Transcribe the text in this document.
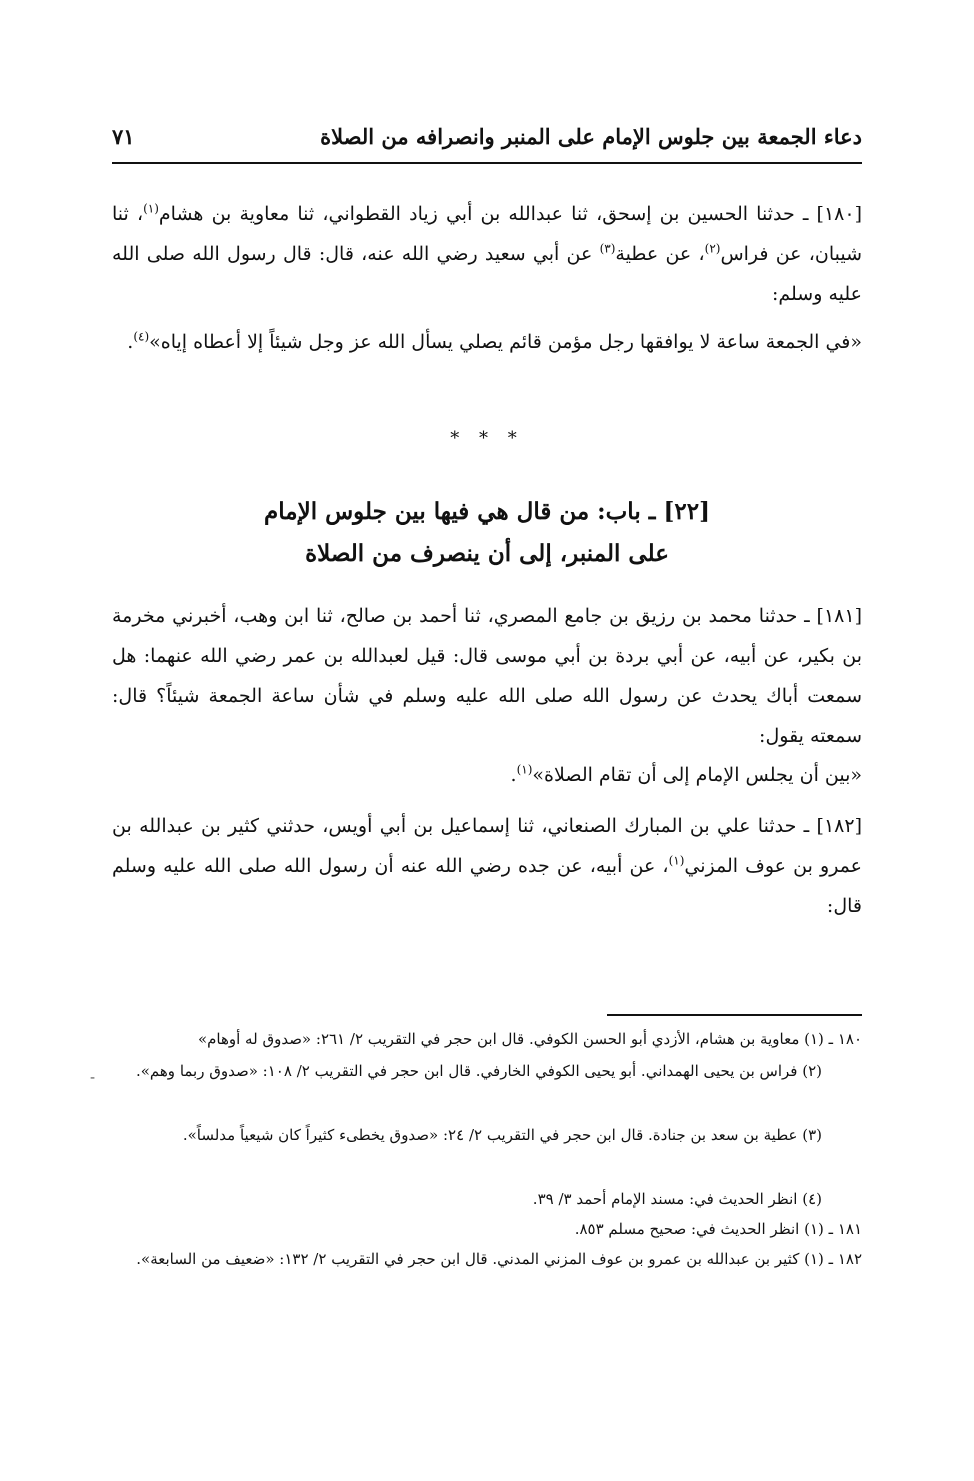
دعاء الجمعة بين جلوس الإمام على المنبر وانصرافه من الصلاة
٧١
[١٨٠] ـ حدثنا الحسين بن إسحق، ثنا عبدالله بن أبي زياد القطواني، ثنا معاوية بن هشام$^{(١)}$، ثنا شيبان، عن فراس$^{(٢)}$، عن عطية$^{(٣)}$ عن أبي سعيد رضي الله عنه، قال: قال رسول الله صلى الله عليه وسلم:
«في الجمعة ساعة لا يوافقها رجل مؤمن قائم يصلي يسأل الله عز وجل شيئاً إلا أعطاه إياه»$^{(٤)}$.
* * *
[٢٢] ـ باب: من قال هي فيها بين جلوس الإمام
على المنبر، إلى أن ينصرف من الصلاة
[١٨١] ـ حدثنا محمد بن رزيق بن جامع المصري، ثنا أحمد بن صالح، ثنا ابن وهب، أخبرني مخرمة بن بكير، عن أبيه، عن أبي بردة بن أبي موسى قال: قيل لعبدالله بن عمر رضي الله عنهما: هل سمعت أباك يحدث عن رسول الله صلى الله عليه وسلم في شأن ساعة الجمعة شيئاً؟ قال: سمعته يقول:
«بين أن يجلس الإمام إلى أن تقام الصلاة»$^{(١)}$.
[١٨٢] ـ حدثنا علي بن المبارك الصنعاني، ثنا إسماعيل بن أبي أويس، حدثني كثير بن عبدالله بن عمرو بن عوف المزني$^{(١)}$، عن أبيه، عن جده رضي الله عنه أن رسول الله صلى الله عليه وسلم قال:
-
١٨٠ ـ (١) معاوية بن هشام، الأزدي أبو الحسن الكوفي. قال ابن حجر في التقريب ٢/ ٢٦١: «صدوق له أوهام»
(٢) فراس بن يحيى الهمداني. أبو يحيى الكوفي الخارفي. قال ابن حجر في التقريب ٢/ ١٠٨: «صدوق ربما وهم».
(٣) عطية بن سعد بن جنادة. قال ابن حجر في التقريب ٢/ ٢٤: «صدوق يخطىء كثيراً كان شيعياً مدلساً».
(٤) انظر الحديث في: مسند الإمام أحمد ٣/ ٣٩.
١٨١ ـ (١) انظر الحديث في: صحيح مسلم ٨٥٣.
١٨٢ ـ (١) كثير بن عبدالله بن عمرو بن عوف المزني المدني. قال ابن حجر في التقريب ٢/ ١٣٢: «ضعيف من السابعة».
